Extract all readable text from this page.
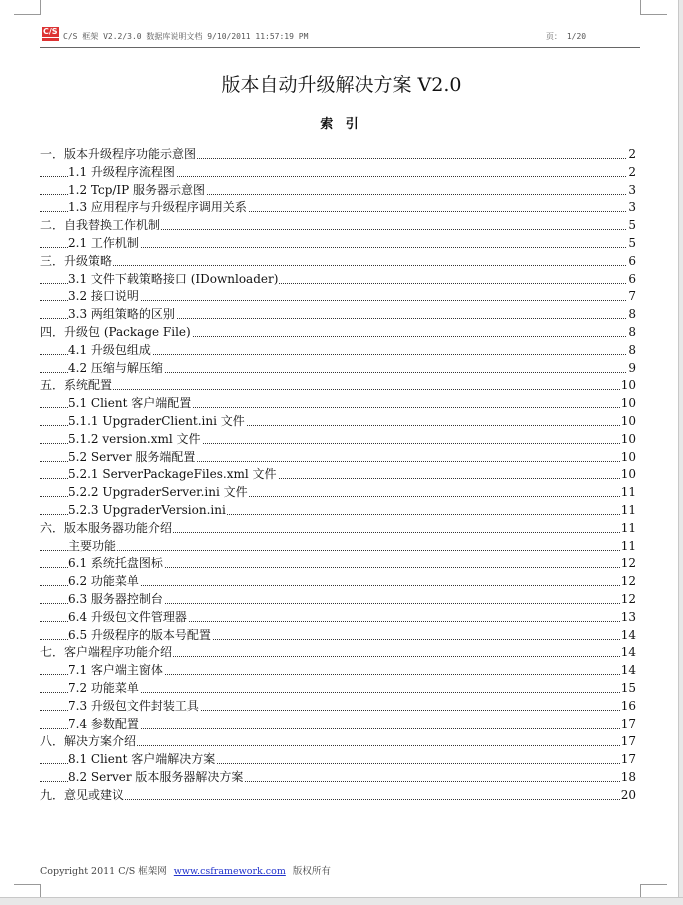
C/S
C/S 框架 V2.2/3.0 数据库说明文档 9/10/2011 11:57:19 PM	页： 1/20
版本自动升级解决方案 V2.0
索 引
一．版本升级程序功能示意图	2
1.1 升级程序流程图	2
1.2 Tcp/IP 服务器示意图	3
1.3 应用程序与升级程序调用关系	3
二．自我替换工作机制	5
2.1 工作机制	5
三．升级策略	6
3.1 文件下载策略接口 (IDownloader)	6
3.2 接口说明	7
3.3 两组策略的区别	8
四．升级包 (Package File)	8
4.1 升级包组成	8
4.2 压缩与解压缩	9
五．系统配置	10
5.1 Client 客户端配置	10
5.1.1 UpgraderClient.ini 文件	10
5.1.2 version.xml 文件	10
5.2 Server 服务端配置	10
5.2.1 ServerPackageFiles.xml 文件	10
5.2.2 UpgraderServer.ini 文件	11
5.2.3 UpgraderVersion.ini	11
六．版本服务器功能介绍	11
主要功能	11
6.1 系统托盘图标	12
6.2 功能菜单	12
6.3 服务器控制台	12
6.4 升级包文件管理器	13
6.5 升级程序的版本号配置	14
七．客户端程序功能介绍	14
7.1 客户端主窗体	14
7.2 功能菜单	15
7.3 升级包文件封装工具	16
7.4 参数配置	17
八．解决方案介绍	17
8.1 Client 客户端解决方案	17
8.2 Server 版本服务器解决方案	18
九．意见或建议	20
Copyright 2011 C/S 框架网 www.csframework.com 版权所有
